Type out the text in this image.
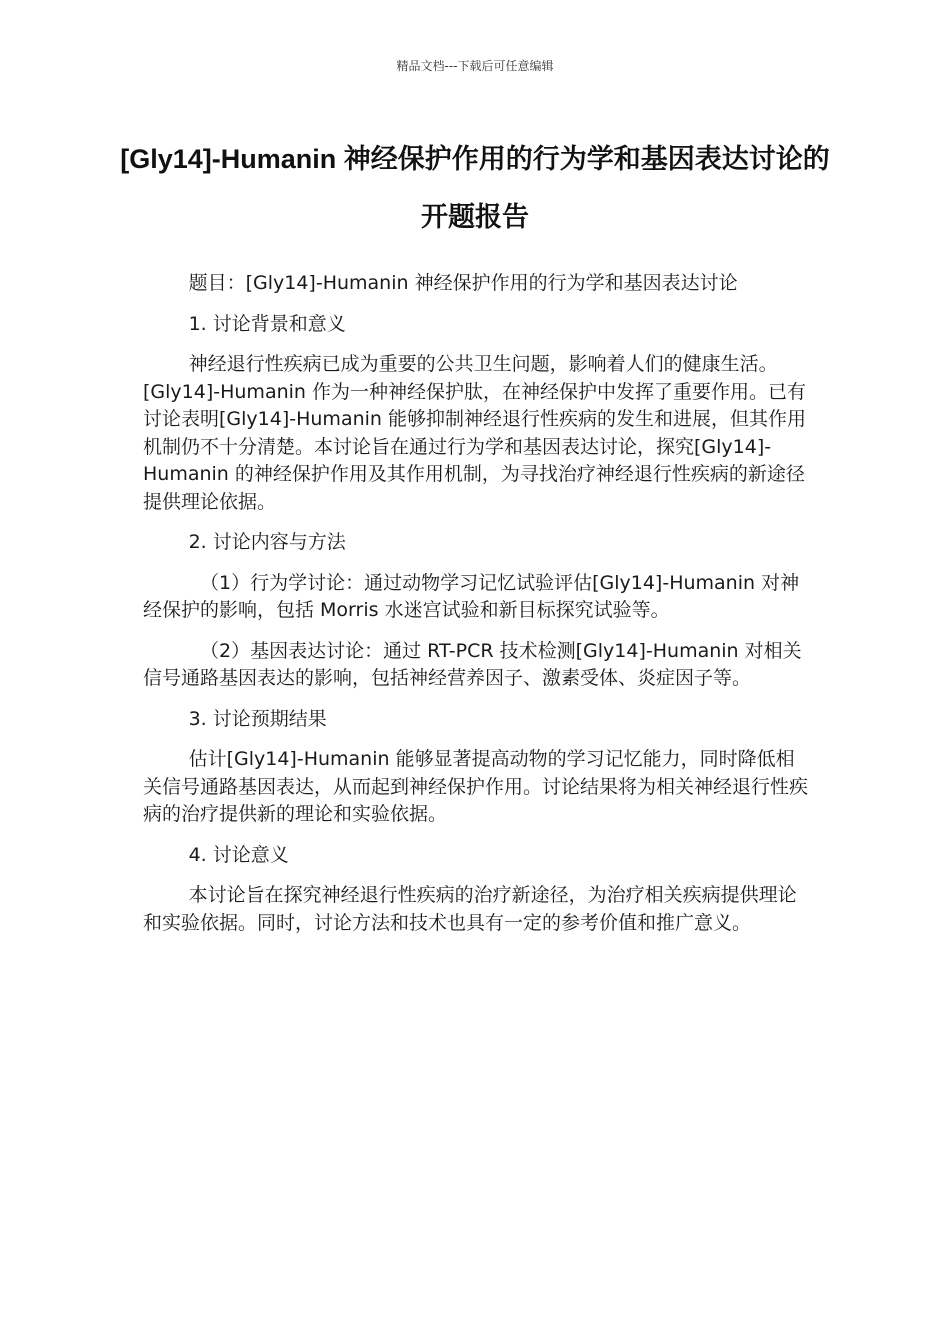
精品文档---下载后可任意编辑
[Gly14]-Humanin 神经保护作用的行为学和基因表达讨论的开题报告

题目：[Gly14]-Humanin 神经保护作用的行为学和基因表达讨论

1. 讨论背景和意义

神经退行性疾病已成为重要的公共卫生问题，影响着人们的健康生活。[Gly14]-Humanin 作为一种神经保护肽，在神经保护中发挥了重要作用。已有讨论表明[Gly14]-Humanin 能够抑制神经退行性疾病的发生和进展，但其作用机制仍不十分清楚。本讨论旨在通过行为学和基因表达讨论，探究[Gly14]-Humanin 的神经保护作用及其作用机制，为寻找治疗神经退行性疾病的新途径提供理论依据。

2. 讨论内容与方法

（1）行为学讨论：通过动物学习记忆试验评估[Gly14]-Humanin 对神经保护的影响，包括 Morris 水迷宫试验和新目标探究试验等。

（2）基因表达讨论：通过 RT-PCR 技术检测[Gly14]-Humanin 对相关信号通路基因表达的影响，包括神经营养因子、激素受体、炎症因子等。

3. 讨论预期结果

估计[Gly14]-Humanin 能够显著提高动物的学习记忆能力，同时降低相关信号通路基因表达，从而起到神经保护作用。讨论结果将为相关神经退行性疾病的治疗提供新的理论和实验依据。

4. 讨论意义

本讨论旨在探究神经退行性疾病的治疗新途径，为治疗相关疾病提供理论和实验依据。同时，讨论方法和技术也具有一定的参考价值和推广意义。
